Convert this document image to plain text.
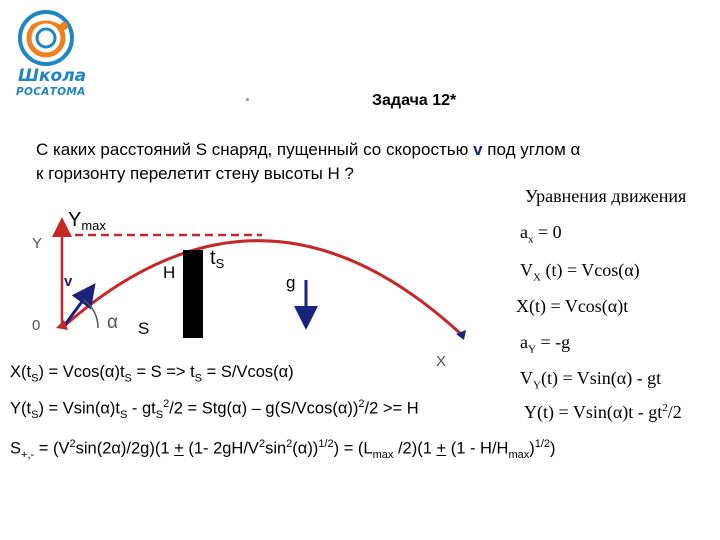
Школа
РОСАТОМА	Задача 12*
С каких расстояний S снаряд, пущенный со скоростью v под углом α
к горизонту перелетит стену высоты H ?
Y
$Y_{max}$
v
0	α S
H
$t_S$
g
X
Уравнения движения
$a_x = 0$
$V_X$ (t) = Vcos(α)
X(t) = Vcos(α)t
$a_Y = -g$
$V_Y(t) = Vsin(\alpha)$ - gt
$Y(t) = Vsin(\alpha)t - gt^2/2$
$X(t_S) = Vcos(\alpha)t_S = S => t_S = S/Vcos(\alpha)$
$Y(t_S) = Vsin(\alpha)t_S - gt_S^2/2 = Stg(\alpha) - g(S/Vcos(\alpha))^2/2 >= H$
$S_{+,-} = (V^2\sin(2\alpha)/2g)(1 + (1-$ $2gH/V^2\sin^2(\alpha))^{1/2}) = (L_{max}$ $/2)(1 + (1 - H/H_{max})^{1/2})$
